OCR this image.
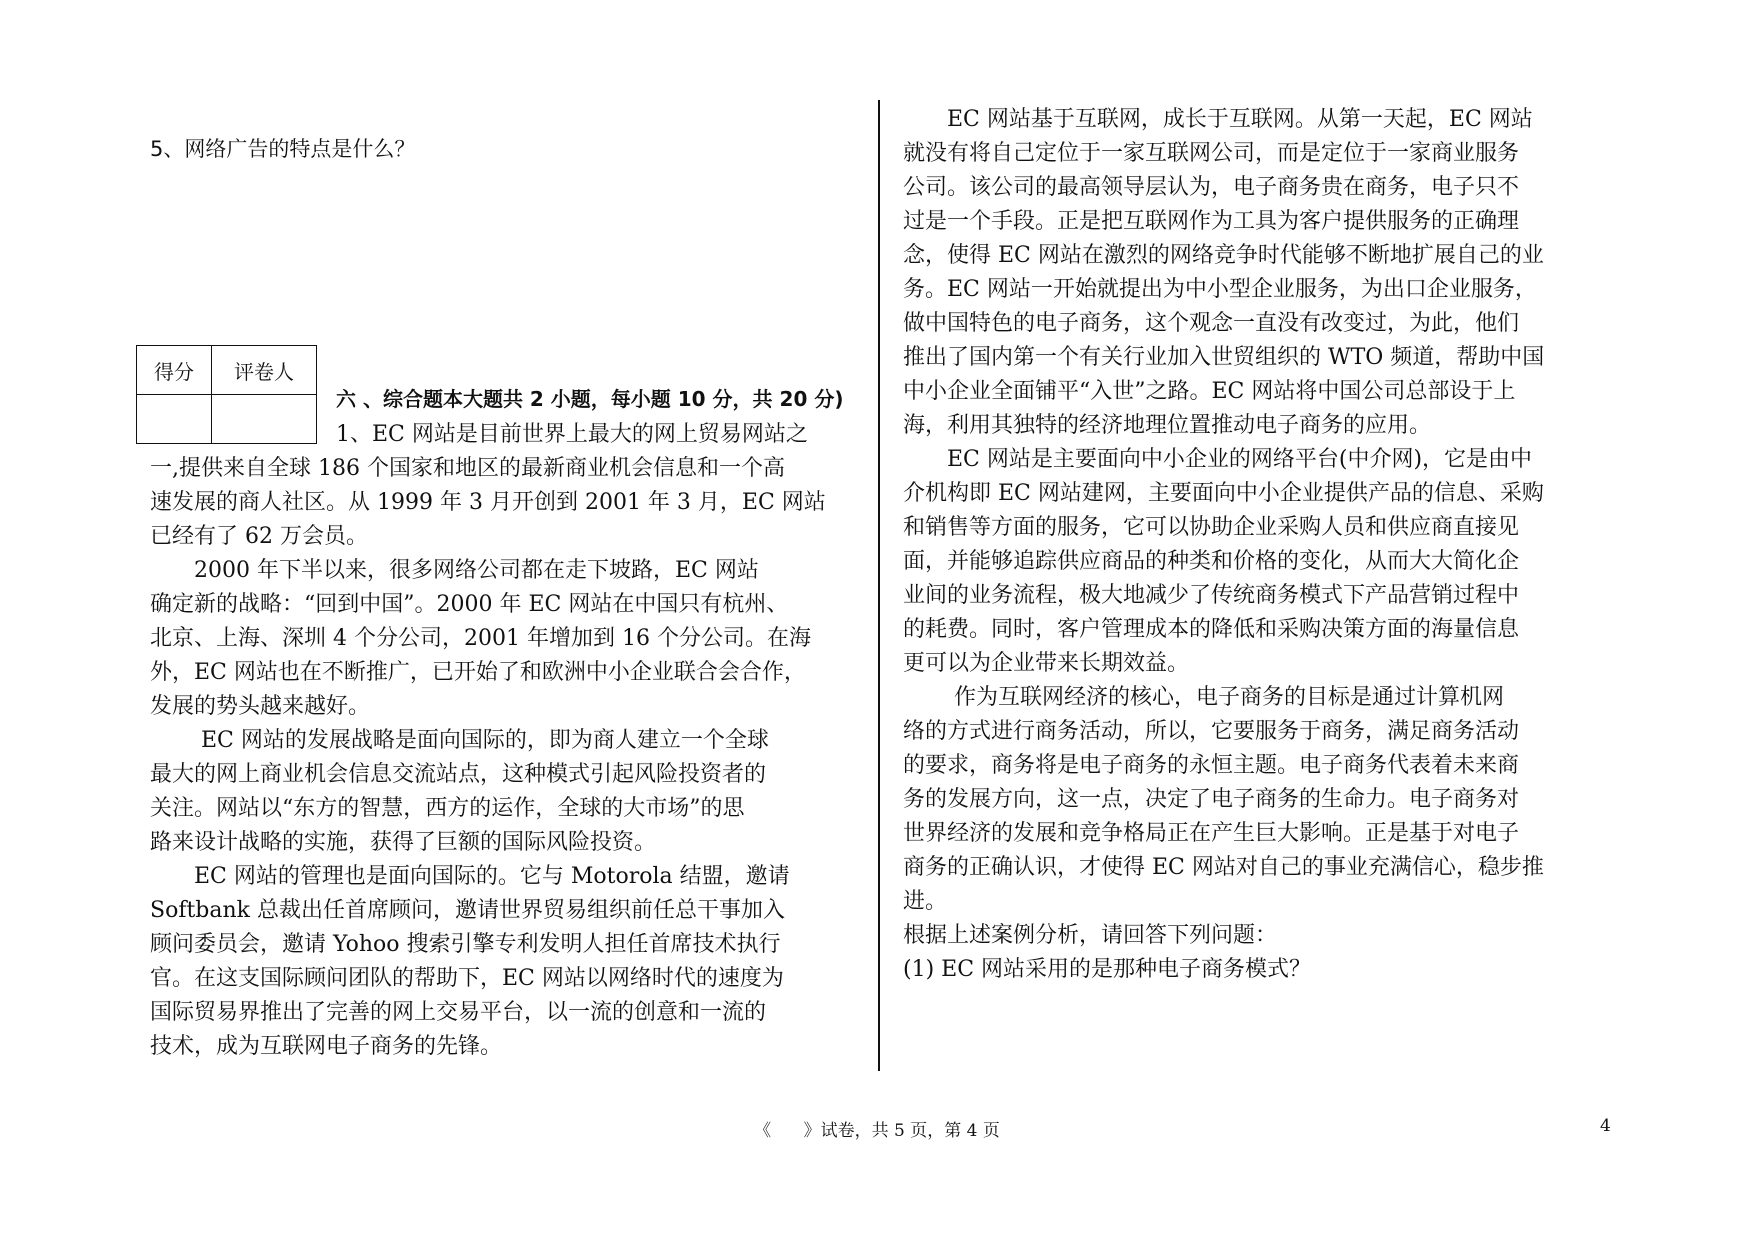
5、网络广告的特点是什么？
得分	评卷人

六 、综合题本大题共 2 小题，每小题 10 分，共 20 分)
1、EC 网站是目前世界上最大的网上贸易网站之
一,提供来自全球 186 个国家和地区的最新商业机会信息和一个高
速发展的商人社区。从 1999 年 3 月开创到 2001 年 3 月，EC 网站
已经有了 62 万会员。
　　2000 年下半以来，很多网络公司都在走下坡路，EC 网站
确定新的战略：“回到中国”。2000 年 EC 网站在中国只有杭州、
北京、上海、深圳 4 个分公司，2001 年增加到 16 个分公司。在海
外，EC 网站也在不断推广，已开始了和欧洲中小企业联合会合作，
发展的势头越来越好。
　　 EC 网站的发展战略是面向国际的，即为商人建立一个全球
最大的网上商业机会信息交流站点，这种模式引起风险投资者的
关注。网站以“东方的智慧，西方的运作，全球的大市场”的思
路来设计战略的实施，获得了巨额的国际风险投资。
　　EC 网站的管理也是面向国际的。它与 Motorola 结盟，邀请
Softbank 总裁出任首席顾问，邀请世界贸易组织前任总干事加入
顾问委员会，邀请 Yohoo 搜索引擎专利发明人担任首席技术执行
官。在这支国际顾问团队的帮助下，EC 网站以网络时代的速度为
国际贸易界推出了完善的网上交易平台，以一流的创意和一流的
技术，成为互联网电子商务的先锋。
　　EC 网站基于互联网，成长于互联网。从第一天起，EC 网站
就没有将自己定位于一家互联网公司，而是定位于一家商业服务
公司。该公司的最高领导层认为，电子商务贵在商务，电子只不
过是一个手段。正是把互联网作为工具为客户提供服务的正确理
念，使得 EC 网站在激烈的网络竞争时代能够不断地扩展自己的业
务。EC 网站一开始就提出为中小型企业服务，为出口企业服务，
做中国特色的电子商务，这个观念一直没有改变过，为此，他们
推出了国内第一个有关行业加入世贸组织的 WTO 频道，帮助中国
中小企业全面铺平“入世”之路。EC 网站将中国公司总部设于上
海，利用其独特的经济地理位置推动电子商务的应用。
　　EC 网站是主要面向中小企业的网络平台(中介网)，它是由中
介机构即 EC 网站建网，主要面向中小企业提供产品的信息、采购
和销售等方面的服务，它可以协助企业采购人员和供应商直接见
面，并能够追踪供应商品的种类和价格的变化，从而大大简化企
业间的业务流程，极大地减少了传统商务模式下产品营销过程中
的耗费。同时，客户管理成本的降低和采购决策方面的海量信息
更可以为企业带来长期效益。
　　 作为互联网经济的核心，电子商务的目标是通过计算机网
络的方式进行商务活动，所以，它要服务于商务，满足商务活动
的要求，商务将是电子商务的永恒主题。电子商务代表着未来商
务的发展方向，这一点，决定了电子商务的生命力。电子商务对
世界经济的发展和竞争格局正在产生巨大影响。正是基于对电子
商务的正确认识，才使得 EC 网站对自己的事业充满信心，稳步推
进。
根据上述案例分析，请回答下列问题：
(1) EC 网站采用的是那种电子商务模式？
《      》试卷，共 5 页，第 4 页	4
